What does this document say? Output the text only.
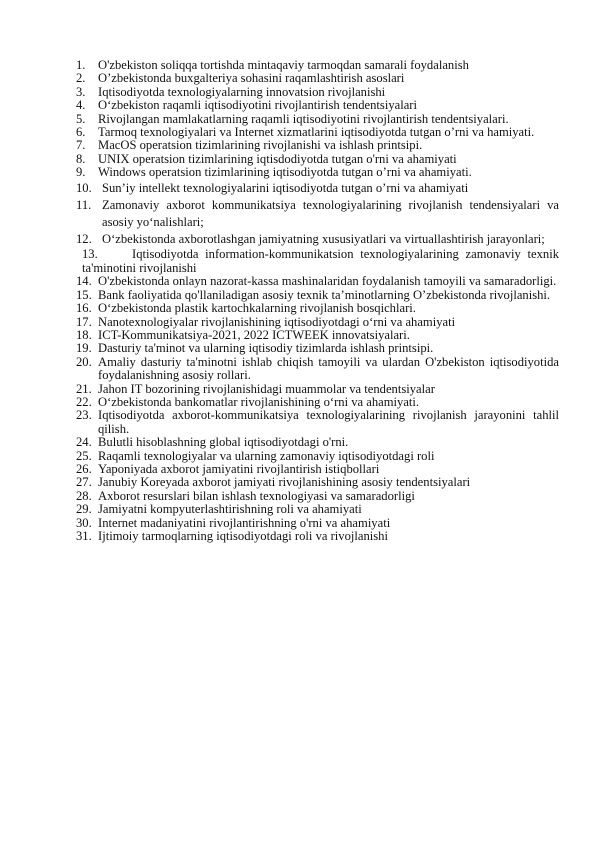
1. O'zbekiston soliqqa tortishda mintaqaviy tarmoqdan samarali foydalanish
2. O’zbekistonda buxgalteriya sohasini raqamlashtirish asoslari
3. Iqtisodiyotda texnologiyalarning innovatsion rivojlanishi
4. O‘zbekiston raqamli iqtisodiyotini rivojlantirish tendentsiyalari
5. Rivojlangan mamlakatlarning raqamli iqtisodiyotini rivojlantirish tendentsiyalari.
6. Tarmoq texnologiyalari va Internet xizmatlarini iqtisodiyotda tutgan o’rni va hamiyati.
7. MacOS operatsion tizimlarining rivojlanishi va ishlash printsipi.
8. UNIX operatsion tizimlarining iqtisdodiyotda tutgan o'rni va ahamiyati
9. Windows operatsion tizimlarining iqtisodiyotda tutgan o’rni va ahamiyati.
10. Sun’iy intellekt texnologiyalarini iqtisodiyotda tutgan o’rni va ahamiyati
11. Zamonaviy axborot kommunikatsiya texnologiyalarining rivojlanish tendensiyalari va asosiy yo‘nalishlari;
12. O‘zbekistonda axborotlashgan jamiyatning xususiyatlari va virtuallashtirish jarayonlari;
13.	Iqtisodiyotda information-kommunikatsion texnologiyalarining zamonaviy texnik ta'minotini rivojlanishi
14. O'zbekistonda onlayn nazorat-kassa mashinalaridan foydalanish tamoyili va samaradorligi.
15. Bank faoliyatida qo'llaniladigan asosiy texnik ta’minotlarning O’zbekistonda rivojlanishi.
16. O‘zbekistonda plastik kartochkalarning rivojlanish bosqichlari.
17. Nanotexnologiyalar rivojlanishining iqtisodiyotdagi o‘rni va ahamiyati
18. ICT-Kommunikatsiya-2021, 2022 ICTWEEK innovatsiyalari.
19. Dasturiy ta'minot va ularning iqtisodiy tizimlarda ishlash printsipi.
20. Amaliy dasturiy ta'minotni ishlab chiqish tamoyili va ulardan O'zbekiston iqtisodiyotida foydalanishning asosiy rollari.
21. Jahon IT bozorining rivojlanishidagi muammolar va tendentsiyalar
22. O‘zbekistonda bankomatlar rivojlanishining o‘rni va ahamiyati.
23. Iqtisodiyotda axborot-kommunikatsiya texnologiyalarining rivojlanish jarayonini tahlil qilish.
24. Bulutli hisoblashning global iqtisodiyotdagi o'rni.
25. Raqamli texnologiyalar va ularning zamonaviy iqtisodiyotdagi roli
26. Yaponiyada axborot jamiyatini rivojlantirish istiqbollari
27. Janubiy Koreyada axborot jamiyati rivojlanishining asosiy tendentsiyalari
28. Axborot resurslari bilan ishlash texnologiyasi va samaradorligi
29. Jamiyatni kompyuterlashtirishning roli va ahamiyati
30. Internet madaniyatini rivojlantirishning o'rni va ahamiyati
31. Ijtimoiy tarmoqlarning iqtisodiyotdagi roli va rivojlanishi
